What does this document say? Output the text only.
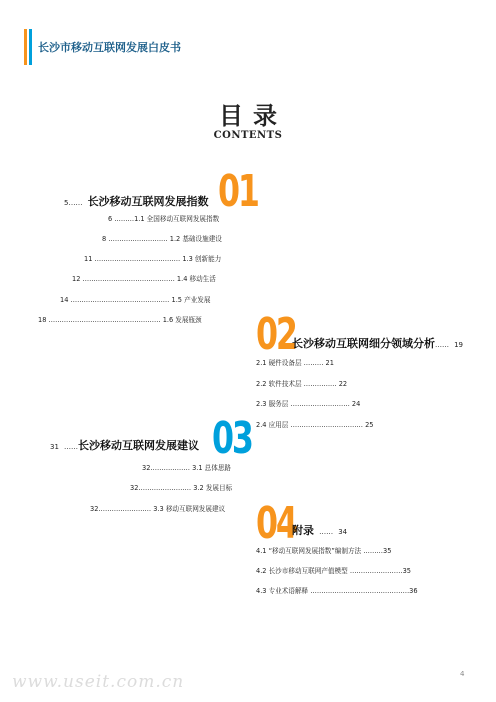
长沙市移动互联网发展白皮书
目录
CONTENTS
5…… 长沙移动互联网发展指数 01
6 ………1.1 全国移动互联网发展指数
8 ……………………… 1.2 基础设施建设
11 ………………………………… 1.3 创新能力
12 …………………………………… 1.4 移动生活
14 ……………………………………… 1.5 产业发展
18 …………………………………………… 1.6 发展瓶颈 02
长沙移动互联网细分领域分析…… 19
2.1 硬件设备层 ……… 21
2.2 软件技术层 …………… 22
2.3 服务层 ……………………… 24
2.4 应用层 …………………………… 25
31 ……长沙移动互联网发展建议 03
32……………… 3.1 总体思路
32…………………… 3.2 发展目标
32…………………… 3.3 移动互联网发展建议 04
附录 …… 34
4.1 “移动互联网发展指数”编制方法 ………35
4.2 长沙市移动互联网产值模型 ……………………35
4.3 专业术语解释 ………………………………………36
www.useit.com.cn	4
